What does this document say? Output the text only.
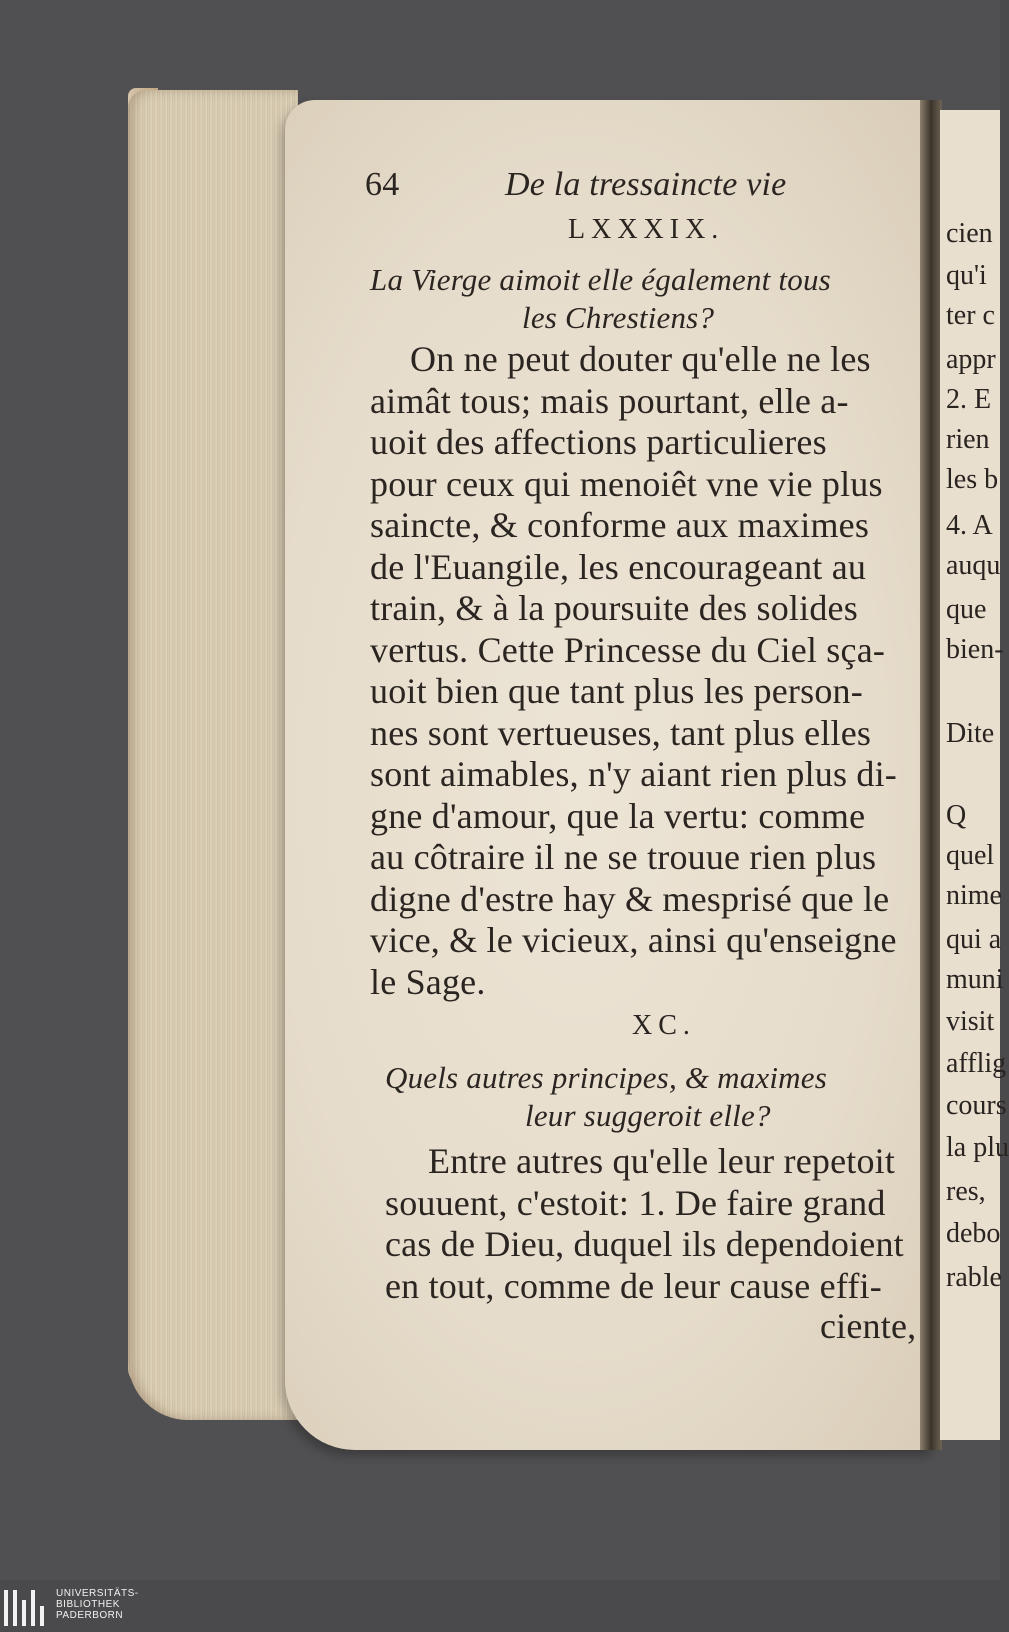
cien
qu'i
ter c
appr
2. E
rien
les b
4. A
auqu
que
bien-
Dite
Q
quel
nime
qui a
muni
visit
afflig
cours
la plu
res,
debo
rable
64	De la tressaincte vie
LXXXIX.
La Vierge aimoit elle également tous
les Chrestiens?
On ne peut douter qu'elle ne les
aimât tous; mais pourtant, elle a-
uoit des affections particulieres
pour ceux qui menoiêt vne vie plus
saincte, & conforme aux maximes
de l'Euangile, les encourageant au
train, & à la poursuite des solides
vertus. Cette Princesse du Ciel sça-
uoit bien que tant plus les person-
nes sont vertueuses, tant plus elles
sont aimables, n'y aiant rien plus di-
gne d'amour, que la vertu: comme
au côtraire il ne se trouue rien plus
digne d'estre hay & mesprisé que le
vice, & le vicieux, ainsi qu'enseigne
le Sage.
XC.
Quels autres principes, & maximes
leur suggeroit elle?
Entre autres qu'elle leur repetoit
souuent, c'estoit: 1. De faire grand
cas de Dieu, duquel ils dependoient
en tout, comme de leur cause effi-
ciente,
UNIVERSITÄTS-
BIBLIOTHEK
PADERBORN
